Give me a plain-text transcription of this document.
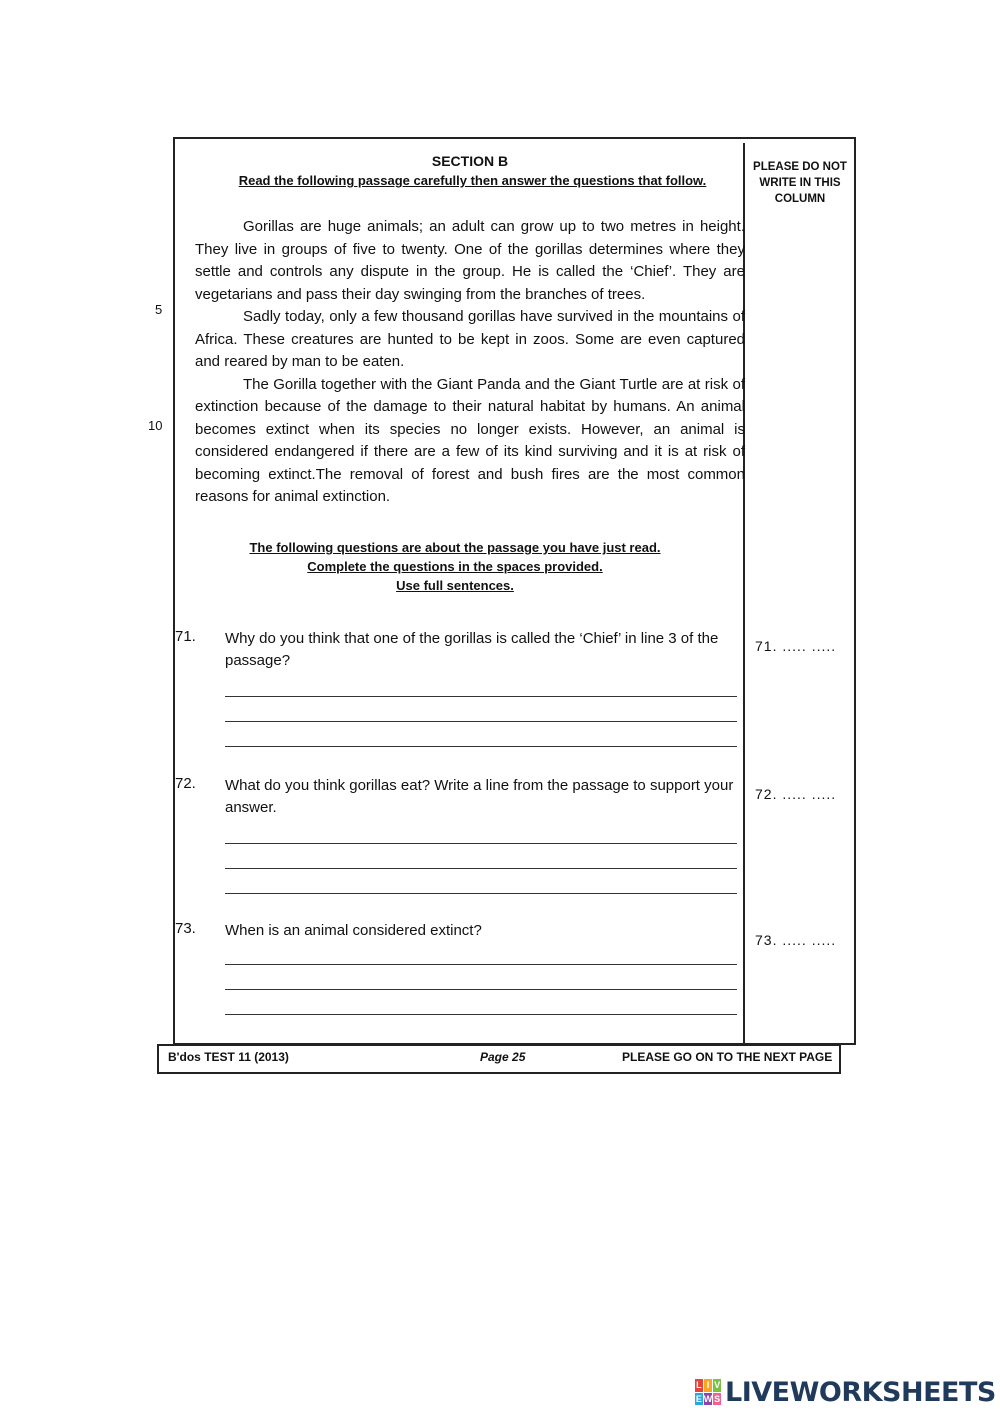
PLEASE DO NOT
WRITE IN THIS
COLUMN
SECTION B
Read the following passage carefully then answer the questions that follow.

Gorillas are huge animals; an adult can grow up to two metres in height. They live in groups of five to twenty. One of the gorillas determines where they settle and controls any dispute in the group. He is called the ‘Chief’. They are vegetarians and pass their day swinging from the branches of trees.

Sadly today, only a few thousand gorillas have survived in the mountains of Africa. These creatures are hunted to be kept in zoos. Some are even captured and reared by man to be eaten.

The Gorilla together with the Giant Panda and the Giant Turtle are at risk of extinction because of the damage to their natural habitat by humans. An animal becomes extinct when its species no longer exists. However, an animal is considered endangered if there are a few of its kind surviving and it is at risk of becoming extinct.The removal of forest and bush fires are the most common reasons for animal extinction.

5
10
The following questions are about the passage you have just read.
Complete the questions in the spaces provided.
Use full sentences.
71. Why do you think that one of the gorillas is called the ‘Chief’ in line 3 of the passage?
71. ..... .....
72. What do you think gorillas eat? Write a line from the passage to support your answer.
72. ..... .....
73. When is an animal considered extinct?
73. ..... .....
B'dos TEST 11 (2013)	Page 25	PLEASE GO ON TO THE NEXT PAGE
L I V
E W S LIVEWORKSHEETS
